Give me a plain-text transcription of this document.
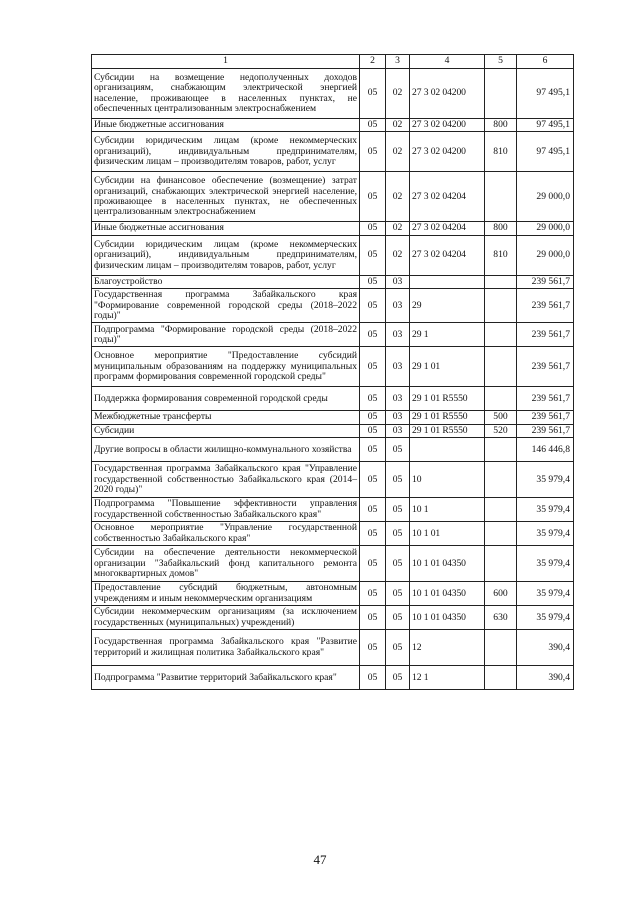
1	2	3	4	5	6
Субсидии на возмещение недополученных доходов организациям, снабжающим электрической энергией население, проживающее в населенных пунктах, не обеспеченных централизованным электроснабжением	05	02	27 3 02 04200		97 495,1
Иные бюджетные ассигнования	05	02	27 3 02 04200	800	97 495,1
Субсидии юридическим лицам (кроме некоммерческих организаций), индивидуальным предпринимателям, физическим лицам – производителям товаров, работ, услуг	05	02	27 3 02 04200	810	97 495,1
Субсидии на финансовое обеспечение (возмещение) затрат организаций, снабжающих электрической энергией население, проживающее в населенных пунктах, не обеспеченных централизованным электроснабжением	05	02	27 3 02 04204		29 000,0
Иные бюджетные ассигнования	05	02	27 3 02 04204	800	29 000,0
Субсидии юридическим лицам (кроме некоммерческих организаций), индивидуальным предпринимателям, физическим лицам – производителям товаров, работ, услуг	05	02	27 3 02 04204	810	29 000,0
Благоустройство	05	03			239 561,7
Государственная программа Забайкальского края "Формирование современной городской среды (2018–2022 годы)"	05	03	29		239 561,7
Подпрограмма "Формирование городской среды (2018–2022 годы)"	05	03	29 1		239 561,7
Основное мероприятие "Предоставление субсидий муниципальным образованиям на поддержку муниципальных программ формирования современной городской среды"	05	03	29 1 01		239 561,7
Поддержка формирования современной городской среды	05	03	29 1 01 R5550		239 561,7
Межбюджетные трансферты	05	03	29 1 01 R5550	500	239 561,7
Субсидии	05	03	29 1 01 R5550	520	239 561,7
Другие вопросы в области жилищно-коммунального хозяйства	05	05			146 446,8
Государственная программа Забайкальского края "Управление государственной собственностью Забайкальского края (2014–2020 годы)"	05	05	10		35 979,4
Подпрограмма "Повышение эффективности управления государственной собственностью Забайкальского края"	05	05	10 1		35 979,4
Основное мероприятие "Управление государственной собственностью Забайкальского края"	05	05	10 1 01		35 979,4
Субсидии на обеспечение деятельности некоммерческой организации "Забайкальский фонд капитального ремонта многоквартирных домов"	05	05	10 1 01 04350		35 979,4
Предоставление субсидий бюджетным, автономным учреждениям и иным некоммерческим организациям	05	05	10 1 01 04350	600	35 979,4
Субсидии некоммерческим организациям (за исключением государственных (муниципальных) учреждений)	05	05	10 1 01 04350	630	35 979,4
Государственная программа Забайкальского края "Развитие территорий и жилищная политика Забайкальского края"	05	05	12		390,4
Подпрограмма "Развитие территорий Забайкальского края"	05	05	12 1		390,4
47
